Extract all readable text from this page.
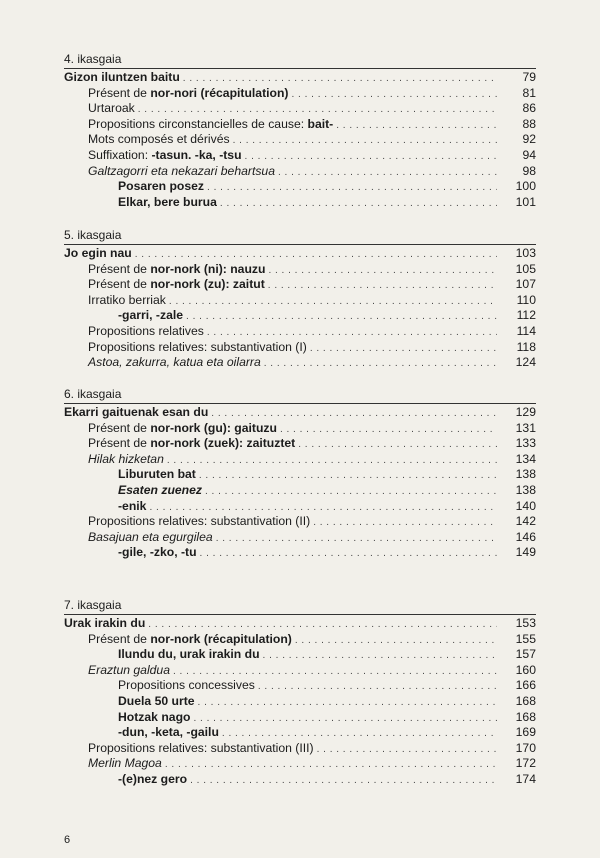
4. ikasgaia
Gizon iluntzen baitu . . .	79
Présent de nor-nori (récapitulation) . . .	81
Urtaroak . . .	86
Propositions circonstancielles de cause: bait- . . .	88
Mots composés et dérivés . . .	92
Suffixation: -tasun. -ka, -tsu . . .	94
Galtzagorri eta nekazari behartsua . . .	98
Posaren posez . . .	100
Elkar, bere burua . . .	101
5. ikasgaia
Jo egin nau . . .	103
Présent de nor-nork (ni): nauzu . . .	105
Présent de nor-nork (zu): zaitut . . .	107
Irratiko berriak . . .	110
-garri, -zale . . .	112
Propositions relatives . . .	114
Propositions relatives: substantivation (I) . . .	118
Astoa, zakurra, katua eta oilarra . . .	124
6. ikasgaia
Ekarri gaituenak esan du . . .	129
Présent de nor-nork (gu): gaituzu . . .	131
Présent de nor-nork (zuek): zaituztet . . .	133
Hilak hizketan . . .	134
Liburuten bat . . .	138
Esaten zuenez . . .	138
-enik . . .	140
Propositions relatives: substantivation (II) . . .	142
Basajuan eta egurgilea . . .	146
-gile, -zko, -tu . . .	149
7. ikasgaia
Urak irakin du . . .	153
Présent de nor-nork (récapitulation) . . .	155
Ilundu du, urak irakin du . . .	157
Eraztun galdua . . .	160
Propositions concessives . . .	166
Duela 50 urte . . .	168
Hotzak nago . . .	168
-dun, -keta, -gailu . . .	169
Propositions relatives: substantivation (III) . . .	170
Merlin Magoa . . .	172
-(e)nez gero . . .	174
6
